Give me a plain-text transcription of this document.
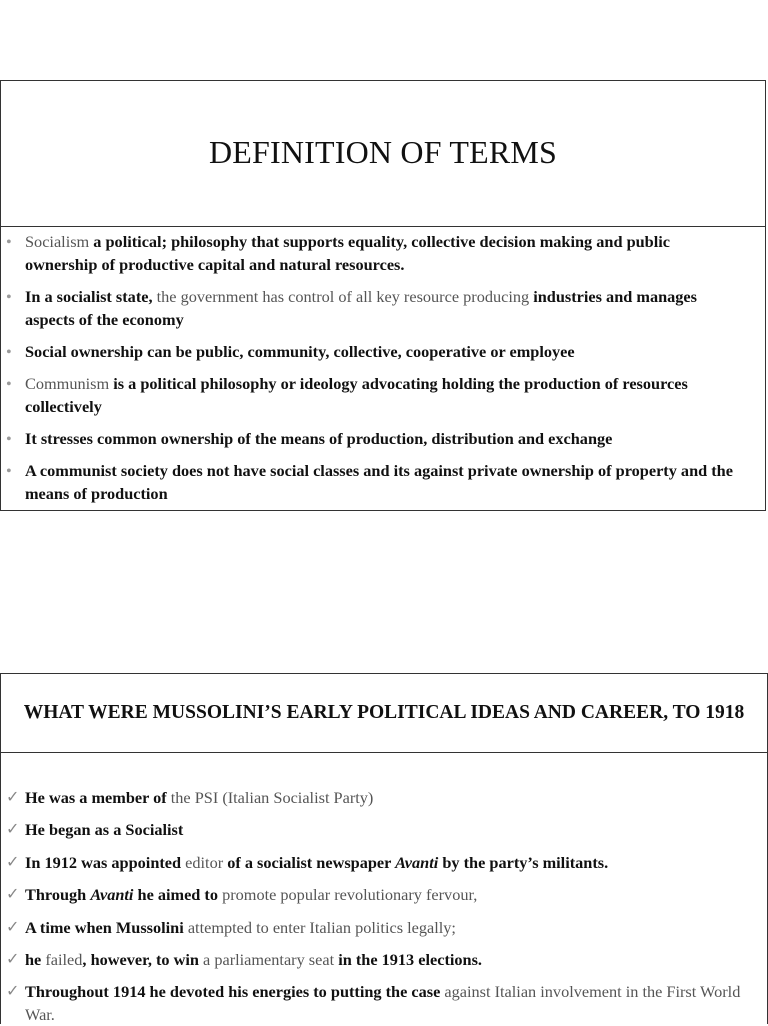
DEFINITION OF TERMS
• Socialism a political; philosophy that supports equality, collective decision making and public ownership of productive capital and natural resources.
• In a socialist state, the government has control of all key resource producing industries and manages aspects of the economy
• Social ownership can be public, community, collective, cooperative or employee
• Communism is a political philosophy or ideology advocating holding the production of resources collectively
• It stresses common ownership of the means of production, distribution and exchange
• A communist society does not have social classes and its against private ownership of property and the means of production
WHAT WERE MUSSOLINI’S EARLY POLITICAL IDEAS AND CAREER, TO 1918
✓ He was a member of the PSI (Italian Socialist Party)
✓ He began as a Socialist
✓ In 1912 was appointed editor of a socialist newspaper Avanti by the party’s militants.
✓ Through Avanti he aimed to promote popular revolutionary fervour,
✓ A time when Mussolini attempted to enter Italian politics legally;
✓ he failed, however, to win a parliamentary seat in the 1913 elections.
✓ Throughout 1914 he devoted his energies to putting the case against Italian involvement in the First World War.
